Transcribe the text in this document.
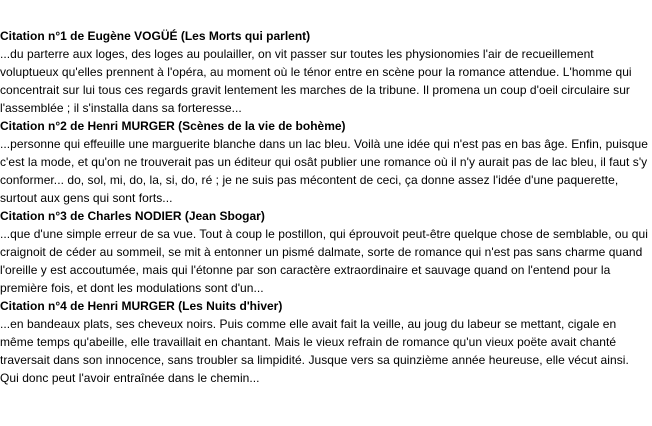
Citation n°1 de Eugène VOGÜÉ (Les Morts qui parlent)
...du parterre aux loges, des loges au poulailler, on vit passer sur toutes les physionomies l'air de recueillement voluptueux qu'elles prennent à l'opéra, au moment où le ténor entre en scène pour la romance attendue. L'homme qui concentrait sur lui tous ces regards gravit lentement les marches de la tribune. Il promena un coup d'oeil circulaire sur l'assemblée ; il s'installa dans sa forteresse...
Citation n°2 de Henri MURGER (Scènes de la vie de bohème)
...personne qui effeuille une marguerite blanche dans un lac bleu. Voilà une idée qui n'est pas en bas âge. Enfin, puisque c'est la mode, et qu'on ne trouverait pas un éditeur qui osât publier une romance où il n'y aurait pas de lac bleu, il faut s'y conformer... do, sol, mi, do, la, si, do, ré ; je ne suis pas mécontent de ceci, ça donne assez l'idée d'une paquerette, surtout aux gens qui sont forts...
Citation n°3 de Charles NODIER (Jean Sbogar)
...que d'une simple erreur de sa vue. Tout à coup le postillon, qui éprouvoit peut-être quelque chose de semblable, ou qui craignoit de céder au sommeil, se mit à entonner un pismé dalmate, sorte de romance qui n'est pas sans charme quand l'oreille y est accoutumée, mais qui l'étonne par son caractère extraordinaire et sauvage quand on l'entend pour la première fois, et dont les modulations sont d'un...
Citation n°4 de Henri MURGER (Les Nuits d'hiver)
...en bandeaux plats, ses cheveux noirs. Puis comme elle avait fait la veille, au joug du labeur se mettant, cigale en même temps qu'abeille, elle travaillait en chantant. Mais le vieux refrain de romance qu'un vieux poëte avait chanté traversait dans son innocence, sans troubler sa limpidité. Jusque vers sa quinzième année heureuse, elle vécut ainsi. Qui donc peut l'avoir entraînée dans le chemin...
